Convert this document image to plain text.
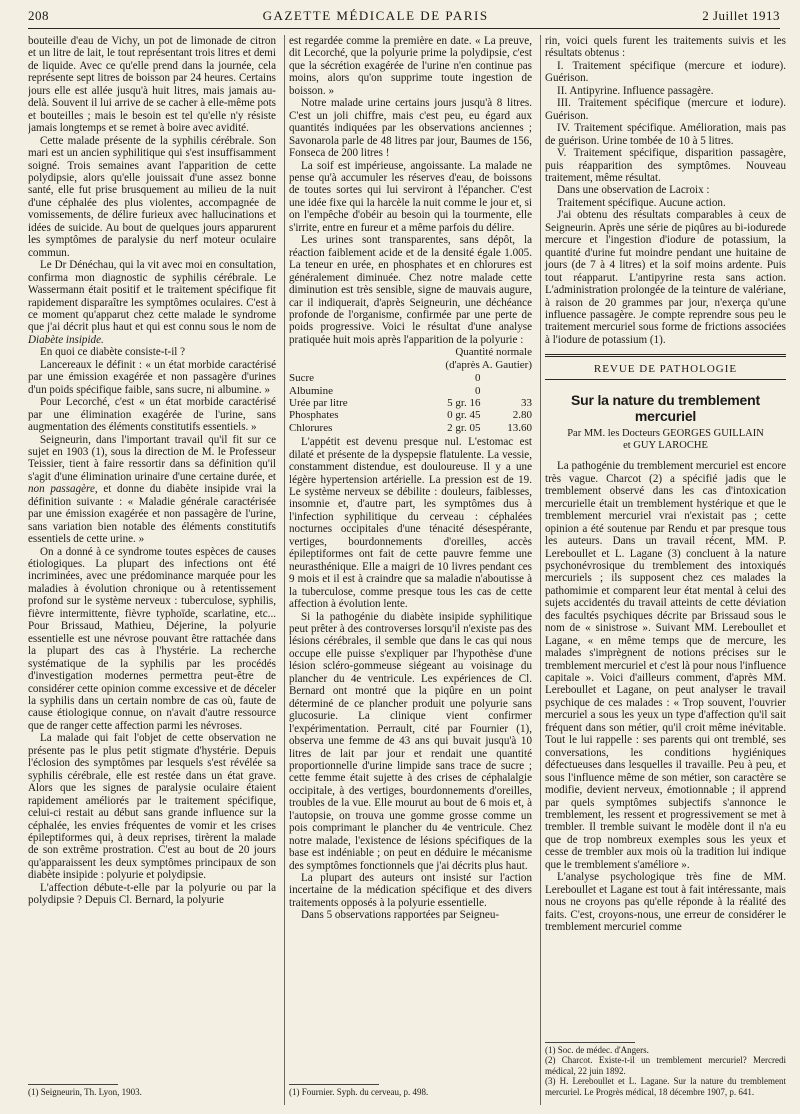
208	GAZETTE MÉDICALE DE PARIS	2 Juillet 1913

bouteille d'eau de Vichy, un pot de limonade de citron et un litre de lait, le tout représentant trois litres et demi de liquide. Avec ce qu'elle prend dans la journée, cela représente sept litres de boisson par 24 heures. Certains jours elle est allée jusqu'à huit litres, mais jamais au-delà. Souvent il lui arrive de se cacher à elle-même pots et bouteilles ; mais le besoin est tel qu'elle n'y résiste jamais longtemps et se remet à boire avec avidité.

Cette malade présente de la syphilis cérébrale. Son mari est un ancien syphilitique qui s'est insuffisamment soigné. Trois semaines avant l'apparition de cette polydipsie, alors qu'elle jouissait d'une assez bonne santé, elle fut prise brusquement au milieu de la nuit d'une céphalée des plus violentes, accompagnée de vomissements, de délire furieux avec hallucinations et idées de suicide. Au bout de quelques jours apparurent les symptômes de paralysie du nerf moteur oculaire commun.

Le Dr Dénéchau, qui la vit avec moi en consultation, confirma mon diagnostic de syphilis cérébrale. Le Wassermann était positif et le traitement spécifique fit rapidement disparaître les symptômes oculaires. C'est à ce moment qu'apparut chez cette malade le syndrome que j'ai décrit plus haut et qui est connu sous le nom de Diabète insipide.

En quoi ce diabète consiste-t-il ?

Lancereaux le définit : « un état morbide caractérisé par une émission exagérée et non passagère d'urines d'un poids spécifique faible, sans sucre, ni albumine. »

Pour Lecorché, c'est « un état morbide caractérisé par une élimination exagérée de l'urine, sans augmentation des éléments constitutifs essentiels. »

Seigneurin, dans l'important travail qu'il fit sur ce sujet en 1903 (1), sous la direction de M. le Professeur Teissier, tient à faire ressortir dans sa définition qu'il s'agit d'une élimination urinaire d'une certaine durée, et non passagère, et donne du diabète insipide vrai la définition suivante : « Maladie générale caractérisée par une émission exagérée et non passagère de l'urine, sans variation bien notable des éléments constitutifs essentiels de cette urine. »

On a donné à ce syndrome toutes espèces de causes étiologiques. La plupart des infections ont été incriminées, avec une prédominance marquée pour les maladies à évolution chronique ou à retentissement profond sur le système nerveux : tuberculose, syphilis, fièvre intermittente, fièvre typhoïde, scarlatine, etc... Pour Brissaud, Mathieu, Déjerine, la polyurie essentielle est une névrose pouvant être rattachée dans la plupart des cas à l'hystérie. La recherche systématique de la syphilis par les procédés d'investigation modernes permettra peut-être de considérer cette opinion comme excessive et de déceler la syphilis dans un certain nombre de cas où, faute de cause étiologique connue, on n'avait d'autre ressource que de ranger cette affection parmi les névroses.

La malade qui fait l'objet de cette observation ne présente pas le plus petit stigmate d'hystérie. Depuis l'éclosion des symptômes par lesquels s'est révélée sa syphilis cérébrale, elle est restée dans un état grave. Alors que les signes de paralysie oculaire étaient rapidement améliorés par le traitement spécifique, celui-ci restait au début sans grande influence sur la céphalée, les envies fréquentes de vomir et les crises épileptiformes qui, à deux reprises, tirèrent la malade de son extrême prostration. C'est au bout de 20 jours qu'apparaissent les deux symptômes principaux de son diabète insipide : polyurie et polydipsie.

L'affection débute-t-elle par la polyurie ou par la polydipsie ? Depuis Cl. Bernard, la polyurie

(1) Seigneurin, Th. Lyon, 1903.

est regardée comme la première en date. « La preuve, dit Lecorché, que la polyurie prime la polydipsie, c'est que la sécrétion exagérée de l'urine n'en continue pas moins, alors qu'on supprime toute ingestion de boisson. »

Notre malade urine certains jours jusqu'à 8 litres. C'est un joli chiffre, mais c'est peu, eu égard aux quantités indiquées par les observations anciennes ; Savonarola parle de 48 litres par jour, Baumes de 156, Fonseca de 200 litres !

La soif est impérieuse, angoissante. La malade ne pense qu'à accumuler les réserves d'eau, de boissons de toutes sortes qui lui serviront à l'épancher. C'est une idée fixe qui la harcèle la nuit comme le jour et, si on l'empêche d'obéir au besoin qui la tourmente, elle s'irrite, entre en fureur et a même parfois du délire.

Les urines sont transparentes, sans dépôt, la réaction faiblement acide et de la densité égale 1.005. La teneur en urée, en phosphates et en chlorures est généralement diminuée. Chez notre malade cette diminution est très sensible, signe de mauvais augure, car il indiquerait, d'après Seigneurin, une déchéance profonde de l'organisme, confirmée par une perte de poids progressive. Voici le résultat d'une analyse pratiquée huit mois après l'apparition de la polyurie :

Quantité normale
(d'après A. Gautier)
Sucre	0	
Albumine	0	
Urée par litre	5 gr. 16	33
Phosphates	0 gr. 45	2.80
Chlorures	2 gr. 05	13.60

L'appétit est devenu presque nul. L'estomac est dilaté et présente de la dyspepsie flatulente. La vessie, constamment distendue, est douloureuse. Il y a une légère hypertension artérielle. La pression est de 19. Le système nerveux se débilite : douleurs, faiblesses, insomnie et, d'autre part, les symptômes dus à l'infection syphilitique du cerveau : céphalées nocturnes occipitales d'une ténacité désespérante, vertiges, bourdonnements d'oreilles, accès épileptiformes ont fait de cette pauvre femme une neurasthénique. Elle a maigri de 10 livres pendant ces 9 mois et il est à craindre que sa maladie n'aboutisse à la tuberculose, comme presque tous les cas de cette affection à évolution lente.

Si la pathogénie du diabète insipide syphilitique peut prêter à des controverses lorsqu'il n'existe pas des lésions cérébrales, il semble que dans le cas qui nous occupe elle puisse s'expliquer par l'hypothèse d'une lésion scléro-gommeuse siégeant au voisinage du plancher du 4e ventricule. Les expériences de Cl. Bernard ont montré que la piqûre en un point déterminé de ce plancher produit une polyurie sans glucosurie. La clinique vient confirmer l'expérimentation. Perrault, cité par Fournier (1), observa une femme de 43 ans qui buvait jusqu'à 10 litres de lait par jour et rendait une quantité proportionnelle d'urine limpide sans trace de sucre ; cette femme était sujette à des crises de céphalalgie occipitale, à des vertiges, bourdonnements d'oreilles, troubles de la vue. Elle mourut au bout de 6 mois et, à l'autopsie, on trouva une gomme grosse comme un pois comprimant le plancher du 4e ventricule. Chez notre malade, l'existence de lésions spécifiques de la base est indéniable ; on peut en déduire le mécanisme des symptômes fonctionnels que j'ai décrits plus haut.

La plupart des auteurs ont insisté sur l'action incertaine de la médication spécifique et des divers traitements opposés à la polyurie essentielle.

Dans 5 observations rapportées par Seigneu-

(1) Fournier. Syph. du cerveau, p. 498.

rin, voici quels furent les traitements suivis et les résultats obtenus :

I. Traitement spécifique (mercure et iodure). Guérison.

II. Antipyrine. Influence passagère.

III. Traitement spécifique (mercure et iodure). Guérison.

IV. Traitement spécifique. Amélioration, mais pas de guérison. Urine tombée de 10 à 5 litres.

V. Traitement spécifique, disparition passagère, puis réapparition des symptômes. Nouveau traitement, même résultat.

Dans une observation de Lacroix :

Traitement spécifique. Aucune action.

J'ai obtenu des résultats comparables à ceux de Seigneurin. Après une série de piqûres au bi-iodurede mercure et l'ingestion d'iodure de potassium, la quantité d'urine fut moindre pendant une huitaine de jours (de 7 à 4 litres) et la soif moins ardente. Puis tout réapparut. L'antipyrine resta sans action. L'administration prolongée de la teinture de valériane, à raison de 20 grammes par jour, n'exerça qu'une influence passagère. Je compte reprendre sous peu le traitement mercuriel sous forme de frictions associées à l'iodure de potassium (1).

REVUE DE PATHOLOGIE
Sur la nature du tremblement mercuriel
Par MM. les Docteurs GEORGES GUILLAIN
et GUY LAROCHE

La pathogénie du tremblement mercuriel est encore très vague. Charcot (2) a spécifié jadis que le tremblement observé dans les cas d'intoxication mercurielle était un tremblement hystérique et que le tremblement mercuriel vrai n'existait pas ; cette opinion a été soutenue par Rendu et par presque tous les auteurs. Dans un travail récent, MM. P. Lereboullet et L. Lagane (3) concluent à la nature psychonévrosique du tremblement des intoxiqués mercuriels ; ils supposent chez ces malades la pathomimie et comparent leur état mental à celui des sujets accidentés du travail atteints de cette déviation des facultés psychiques décrite par Brissaud sous le nom de « sinistrose ». Suivant MM. Lereboullet et Lagane, « en même temps que de mercure, les malades s'imprègnent de notions précises sur le tremblement mercuriel et c'est là pour nous l'influence capitale ». Voici d'ailleurs comment, d'après MM. Lereboullet et Lagane, on peut analyser le travail psychique de ces malades : « Trop souvent, l'ouvrier mercuriel a sous les yeux un type d'affection qu'il sait fréquent dans son métier, qu'il croit même inévitable. Tout le lui rappelle : ses parents qui ont tremblé, ses conversations, les conditions hygiéniques défectueuses dans lesquelles il travaille. Peu à peu, et sous l'influence même de son métier, son caractère se modifie, devient nerveux, émotionnable ; il apprend par quels symptômes subjectifs s'annonce le tremblement, les ressent et progressivement se met à trembler. Il tremble suivant le modèle dont il n'a eu que de trop nombreux exemples sous les yeux et cesse de trembler aux mois où la tradition lui indique que le tremblement s'améliore ».

L'analyse psychologique très fine de MM. Lereboullet et Lagane est tout à fait intéressante, mais nous ne croyons pas qu'elle réponde à la réalité des faits. C'est, croyons-nous, une erreur de considérer le tremblement mercuriel comme

(1) Soc. de médec. d'Angers.

(2) Charcot. Existe-t-il un tremblement mercuriel? Mercredi médical, 22 juin 1892.

(3) H. Lereboullet et L. Lagane. Sur la nature du tremblement mercuriel. Le Progrès médical, 18 décembre 1907, p. 641.
